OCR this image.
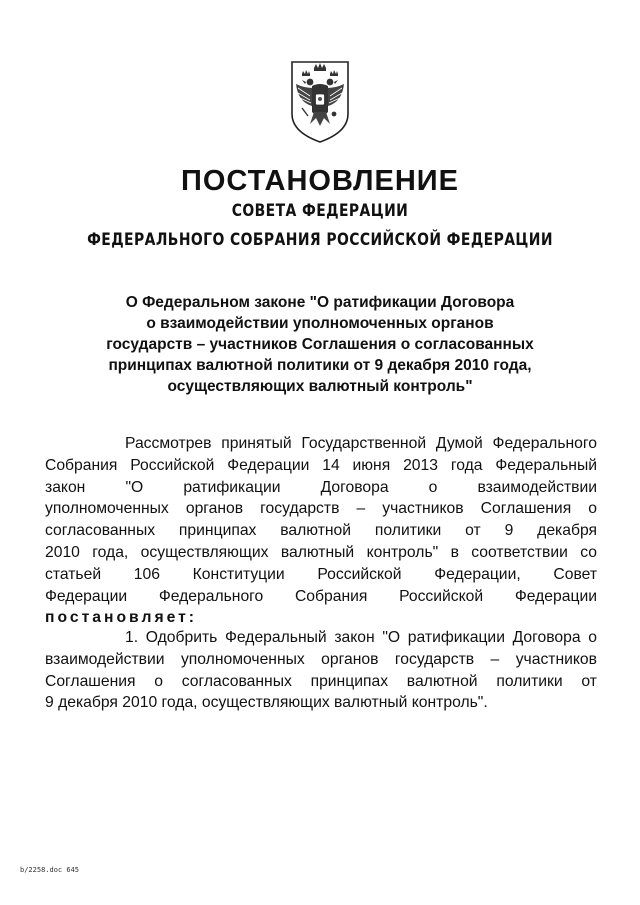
ПОСТАНОВЛЕНИЕ
СОВЕТА ФЕДЕРАЦИИ
ФЕДЕРАЛЬНОГО СОБРАНИЯ РОССИЙСКОЙ ФЕДЕРАЦИИ
О Федеральном законе "О ратификации Договора
о взаимодействии уполномоченных органов
государств – участников Соглашения о согласованных
принципах валютной политики от 9 декабря 2010 года,
осуществляющих валютный контроль"
Рассмотрев принятый Государственной Думой Федерального
Собрания Российской Федерации 14 июня 2013 года Федеральный
закон "О ратификации Договора о взаимодействии
уполномоченных органов государств – участников Соглашения о
согласованных принципах валютной политики от 9 декабря
2010 года, осуществляющих валютный контроль" в соответствии со
статьей 106 Конституции Российской Федерации, Совет
Федерации Федерального Собрания Российской Федерации
постановляет:
1. Одобрить Федеральный закон "О ратификации Договора о
взаимодействии уполномоченных органов государств – участников
Соглашения о согласованных принципах валютной политики от
9 декабря 2010 года, осуществляющих валютный контроль".
b/2258.doc 645
